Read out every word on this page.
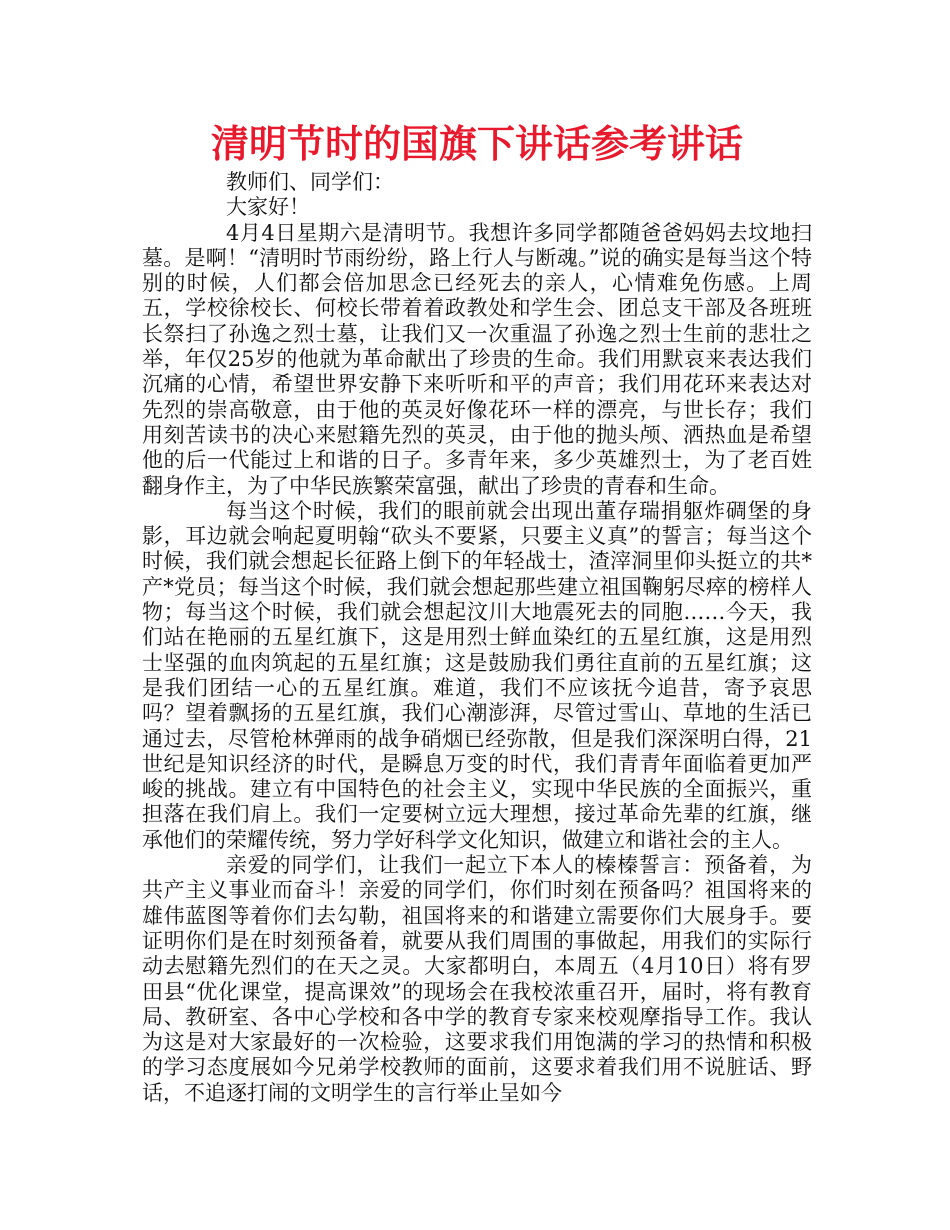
清明节时的国旗下讲话参考讲话

教师们、同学们：

大家好！

4月4日星期六是清明节。我想许多同学都随爸爸妈妈去坟地扫墓。是啊！“清明时节雨纷纷，路上行人与断魂。”说的确实是每当这个特别的时候，人们都会倍加思念已经死去的亲人，心情难免伤感。上周五，学校徐校长、何校长带着着政教处和学生会、团总支干部及各班班长祭扫了孙逸之烈士墓，让我们又一次重温了孙逸之烈士生前的悲壮之举，年仅25岁的他就为革命献出了珍贵的生命。我们用默哀来表达我们沉痛的心情，希望世界安静下来听听和平的声音；我们用花环来表达对先烈的崇高敬意，由于他的英灵好像花环一样的漂亮，与世长存；我们用刻苦读书的决心来慰籍先烈的英灵，由于他的抛头颅、洒热血是希望他的后一代能过上和谐的日子。多青年来，多少英雄烈士，为了老百姓翻身作主，为了中华民族繁荣富强，献出了珍贵的青春和生命。

每当这个时候，我们的眼前就会出现出董存瑞捐躯炸碉堡的身影，耳边就会响起夏明翰“砍头不要紧，只要主义真”的誓言；每当这个时候，我们就会想起长征路上倒下的年轻战士，渣滓洞里仰头挺立的共*产*党员；每当这个时候，我们就会想起那些建立祖国鞠躬尽瘁的榜样人物；每当这个时候，我们就会想起汶川大地震死去的同胞……今天，我们站在艳丽的五星红旗下，这是用烈士鲜血染红的五星红旗，这是用烈士坚强的血肉筑起的五星红旗；这是鼓励我们勇往直前的五星红旗；这是我们团结一心的五星红旗。难道，我们不应该抚今追昔，寄予哀思吗？望着飘扬的五星红旗，我们心潮澎湃，尽管过雪山、草地的生活已通过去，尽管枪林弹雨的战争硝烟已经弥散，但是我们深深明白得，21世纪是知识经济的时代，是瞬息万变的时代，我们青青年面临着更加严峻的挑战。建立有中国特色的社会主义，实现中华民族的全面振兴，重担落在我们肩上。我们一定要树立远大理想，接过革命先辈的红旗，继承他们的荣耀传统，努力学好科学文化知识，做建立和谐社会的主人。

亲爱的同学们，让我们一起立下本人的榛榛誓言：预备着，为共产主义事业而奋斗！亲爱的同学们，你们时刻在预备吗？祖国将来的雄伟蓝图等着你们去勾勒，祖国将来的和谐建立需要你们大展身手。要证明你们是在时刻预备着，就要从我们周围的事做起，用我们的实际行动去慰籍先烈们的在天之灵。大家都明白，本周五（4月10日）将有罗田县“优化课堂，提高课效”的现场会在我校浓重召开，届时，将有教育局、教研室、各中心学校和各中学的教育专家来校观摩指导工作。我认为这是对大家最好的一次检验，这要求我们用饱满的学习的热情和积极的学习态度展如今兄弟学校教师的面前，这要求着我们用不说脏话、野话，不追逐打闹的文明学生的言行举止呈如今
